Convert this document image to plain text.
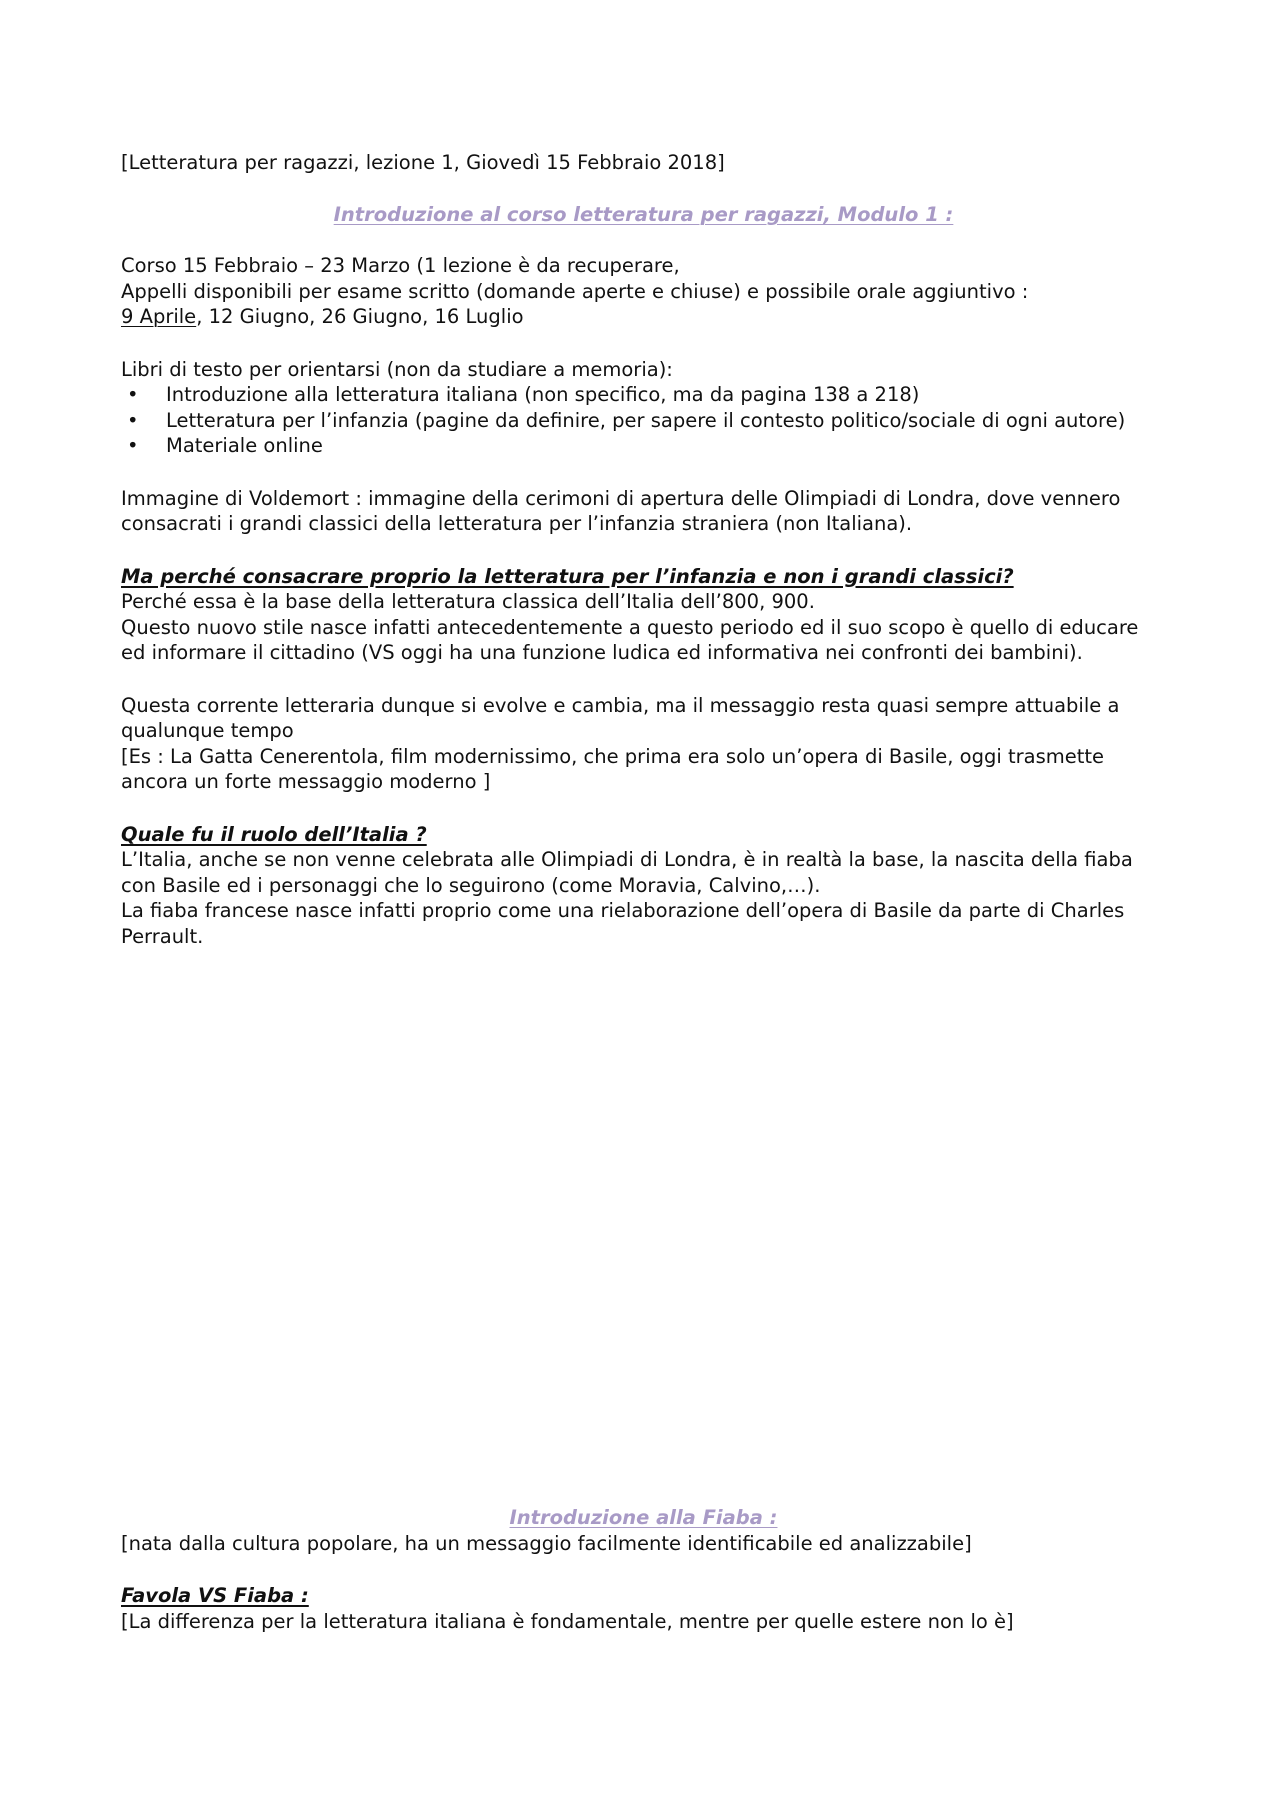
[Letteratura per ragazzi, lezione 1, Giovedì 15 Febbraio 2018]

Introduzione al corso letteratura per ragazzi, Modulo 1 :

Corso 15 Febbraio – 23 Marzo (1 lezione è da recuperare,

Appelli disponibili per esame scritto (domande aperte e chiuse) e possibile orale aggiuntivo :

9 Aprile, 12 Giugno, 26 Giugno, 16 Luglio

Libri di testo per orientarsi (non da studiare a memoria):

• Introduzione alla letteratura italiana (non specifico, ma da pagina 138 a 218)
• Letteratura per l’infanzia (pagine da definire, per sapere il contesto politico/sociale di ogni autore)
• Materiale online

Immagine di Voldemort : immagine della cerimoni di apertura delle Olimpiadi di Londra, dove vennero consacrati i grandi classici della letteratura per l’infanzia straniera (non Italiana).

Ma perché consacrare proprio la letteratura per l’infanzia e non i grandi classici?

Perché essa è la base della letteratura classica dell’Italia dell’800, 900.

Questo nuovo stile nasce infatti antecedentemente a questo periodo ed il suo scopo è quello di educare ed informare il cittadino (VS oggi ha una funzione ludica ed informativa nei confronti dei bambini).

Questa corrente letteraria dunque si evolve e cambia, ma il messaggio resta quasi sempre attuabile a qualunque tempo

[Es : La Gatta Cenerentola, film modernissimo, che prima era solo un’opera di Basile, oggi trasmette ancora un forte messaggio moderno ]

Quale fu il ruolo dell’Italia ?

L’Italia, anche se non venne celebrata alle Olimpiadi di Londra, è in realtà la base, la nascita della fiaba con Basile ed i personaggi che lo seguirono (come Moravia, Calvino,…).

La fiaba francese nasce infatti proprio come una rielaborazione dell’opera di Basile da parte di Charles Perrault.

Introduzione alla Fiaba :

[nata dalla cultura popolare, ha un messaggio facilmente identificabile ed analizzabile]

Favola VS Fiaba :

[La differenza per la letteratura italiana è fondamentale, mentre per quelle estere non lo è]
